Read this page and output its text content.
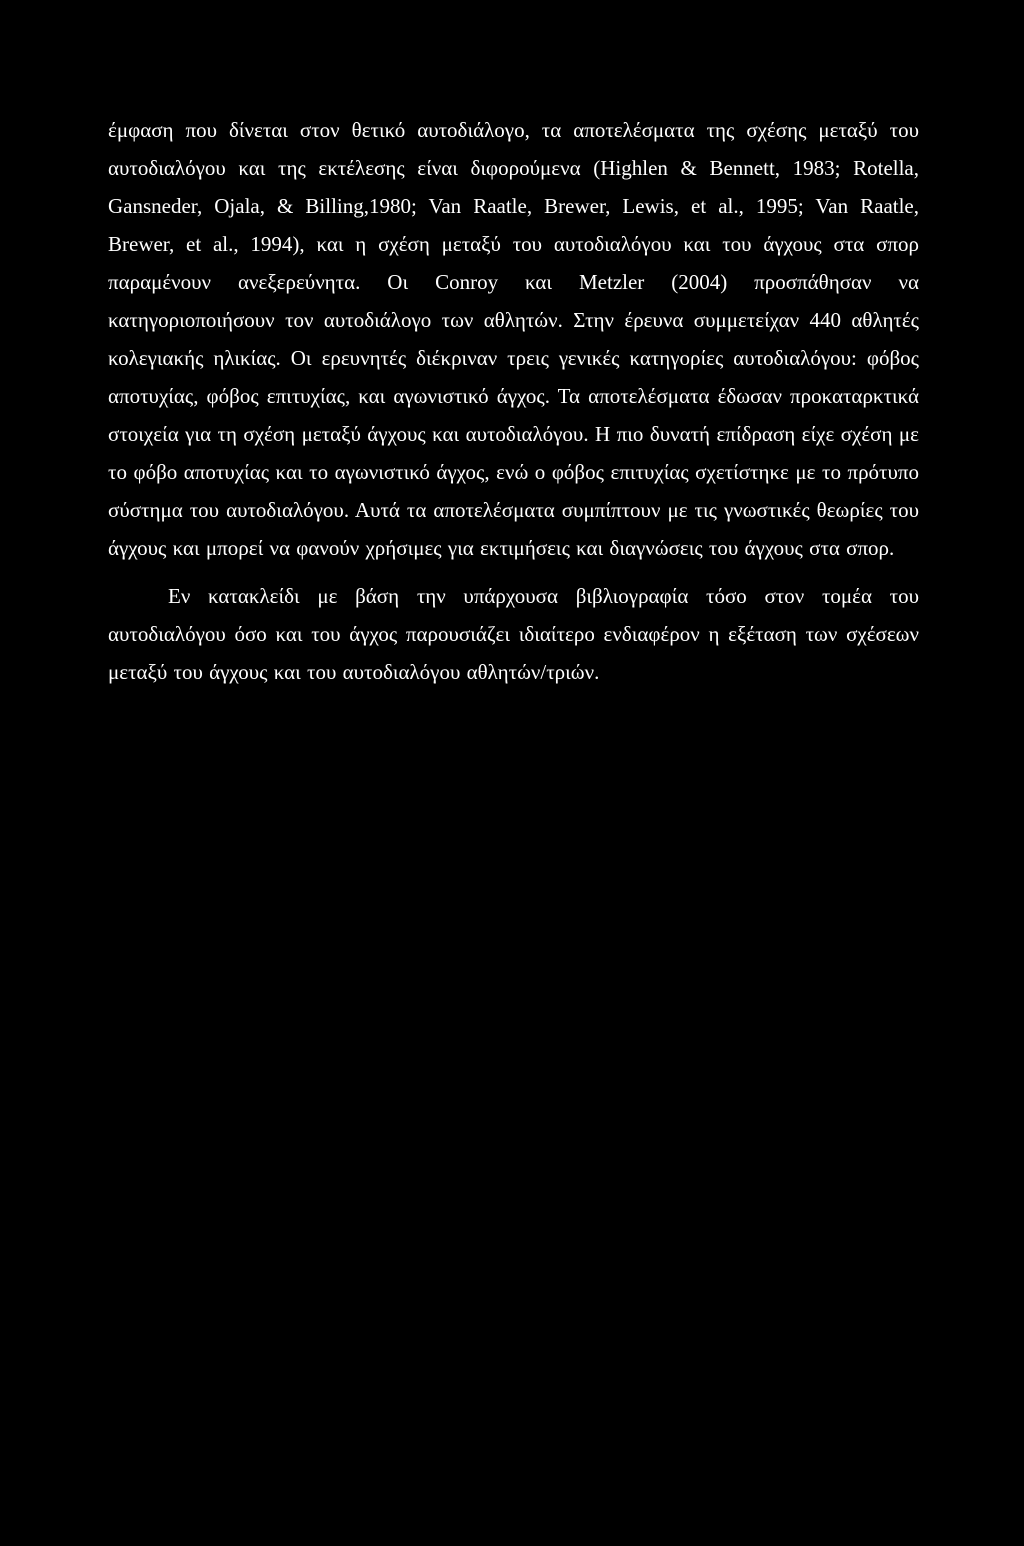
έμφαση που δίνεται στον θετικό αυτοδιάλογο, τα αποτελέσματα της σχέσης μεταξύ του αυτοδιαλόγου και της εκτέλεσης είναι διφορούμενα (Highlen & Bennett, 1983; Rotella, Gansneder, Ojala, & Billing,1980; Van Raatle, Brewer, Lewis, et al., 1995; Van Raatle, Brewer, et al., 1994), και η σχέση μεταξύ του αυτοδιαλόγου και του άγχους στα σπορ παραμένουν ανεξερεύνητα. Οι Conroy και Metzler (2004) προσπάθησαν να κατηγοριοποιήσουν τον αυτοδιάλογο των αθλητών. Στην έρευνα συμμετείχαν 440 αθλητές κολεγιακής ηλικίας. Οι ερευνητές διέκριναν τρεις γενικές κατηγορίες αυτοδιαλόγου: φόβος αποτυχίας, φόβος επιτυχίας, και αγωνιστικό άγχος. Τα αποτελέσματα έδωσαν προκαταρκτικά στοιχεία για τη σχέση μεταξύ άγχους και αυτοδιαλόγου. Η πιο δυνατή επίδραση είχε σχέση με το φόβο αποτυχίας και το αγωνιστικό άγχος, ενώ ο φόβος επιτυχίας σχετίστηκε με το πρότυπο σύστημα του αυτοδιαλόγου. Αυτά τα αποτελέσματα συμπίπτουν με τις γνωστικές θεωρίες του άγχους και μπορεί να φανούν χρήσιμες για εκτιμήσεις και διαγνώσεις του άγχους στα σπορ.

Εν κατακλείδι με βάση την υπάρχουσα βιβλιογραφία τόσο στον τομέα του αυτοδιαλόγου όσο και του άγχος παρουσιάζει ιδιαίτερο ενδιαφέρον η εξέταση των σχέσεων μεταξύ του άγχους και του αυτοδιαλόγου αθλητών/τριών.
